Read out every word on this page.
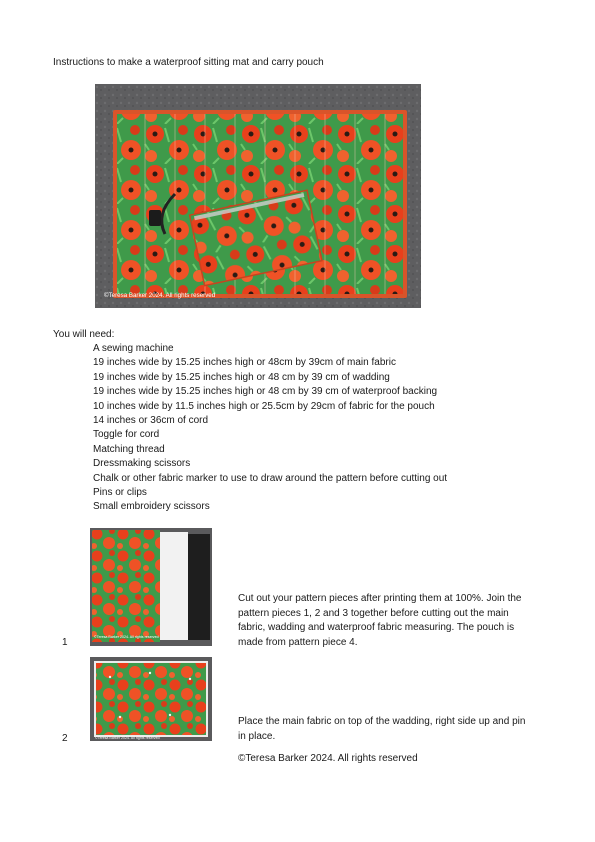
Instructions to make a waterproof sitting mat and carry pouch
©Teresa Barker 2024. All rights reserved
You will need:
A sewing machine
19 inches wide by 15.25 inches high or 48cm by 39cm of main fabric
19 inches wide by 15.25 inches high or 48 cm by 39 cm of wadding
19 inches wide by 15.25 inches high or 48 cm by 39 cm of waterproof backing
10 inches wide by 11.5 inches high or 25.5cm by 29cm of fabric for the pouch
14 inches or 36cm of cord
Toggle for cord
Matching thread
Dressmaking scissors
Chalk or other fabric marker to use to draw around the pattern before cutting out
Pins or clips
Small embroidery scissors
©Teresa Barker 2024. All rights reserved
1
Cut out your pattern pieces after printing them at 100%. Join the pattern pieces 1, 2 and 3 together before cutting out the main fabric, wadding and waterproof fabric measuring. The pouch is made from pattern piece 4.
©Teresa Barker 2024. All rights reserved
2
Place the main fabric on top of the wadding, right side up and pin in place.
©Teresa Barker 2024. All rights reserved
